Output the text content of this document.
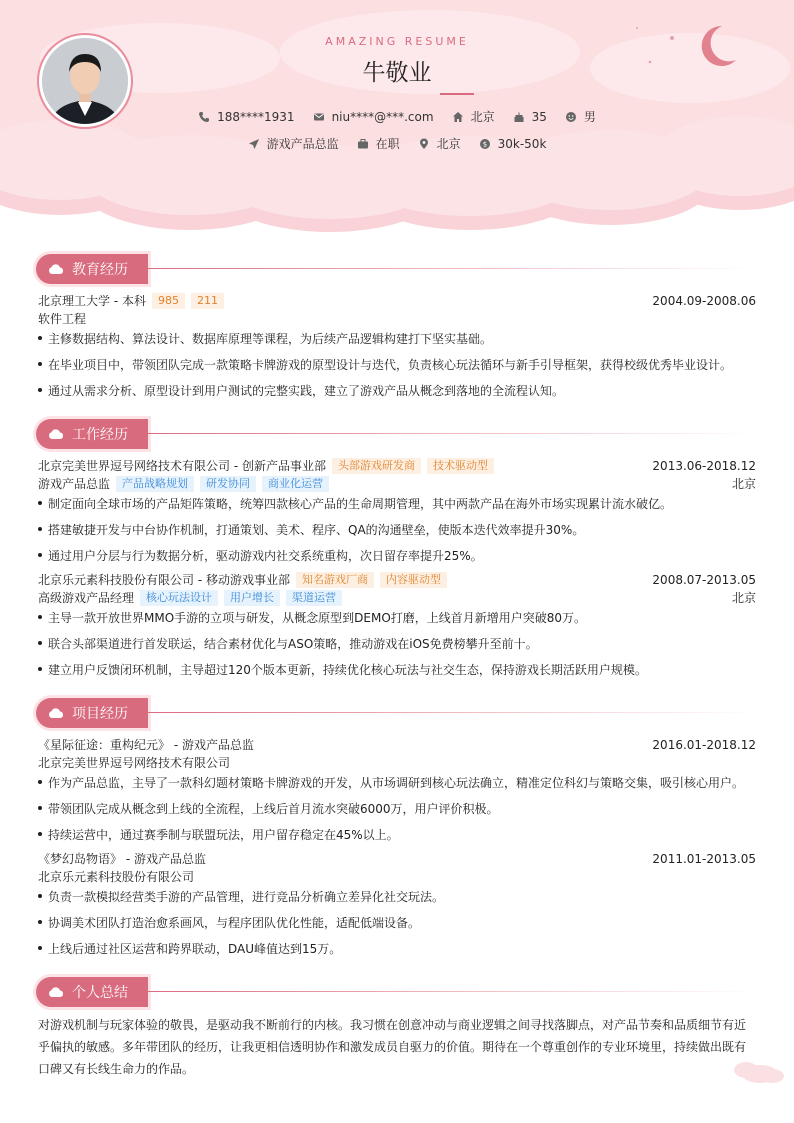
AMAZING RESUME
牛敬业
188****1931	niu****@***.com	北京	35	男
游戏产品总监	在职	北京	$ 30k-50k
教育经历
北京理工大学 - 本科	985	211	2004.09-2008.06
软件工程
主修数据结构、算法设计、数据库原理等课程，为后续产品逻辑构建打下坚实基础。
在毕业项目中，带领团队完成一款策略卡牌游戏的原型设计与迭代，负责核心玩法循环与新手引导框架，获得校级优秀毕业设计。
通过从需求分析、原型设计到用户测试的完整实践，建立了游戏产品从概念到落地的全流程认知。
工作经历
北京完美世界逗号网络技术有限公司 - 创新产品事业部	头部游戏研发商	技术驱动型	2013.06-2018.12
游戏产品总监	产品战略规划	研发协同	商业化运营	北京
制定面向全球市场的产品矩阵策略，统筹四款核心产品的生命周期管理，其中两款产品在海外市场实现累计流水破亿。
搭建敏捷开发与中台协作机制，打通策划、美术、程序、QA的沟通壁垒，使版本迭代效率提升30%。
通过用户分层与行为数据分析，驱动游戏内社交系统重构，次日留存率提升25%。
北京乐元素科技股份有限公司 - 移动游戏事业部	知名游戏厂商	内容驱动型	2008.07-2013.05
高级游戏产品经理	核心玩法设计	用户增长	渠道运营	北京
主导一款开放世界MMO手游的立项与研发，从概念原型到DEMO打磨，上线首月新增用户突破80万。
联合头部渠道进行首发联运，结合素材优化与ASO策略，推动游戏在iOS免费榜攀升至前十。
建立用户反馈闭环机制，主导超过120个版本更新，持续优化核心玩法与社交生态，保持游戏长期活跃用户规模。
项目经历
《星际征途：重构纪元》 - 游戏产品总监	2016.01-2018.12
北京完美世界逗号网络技术有限公司
作为产品总监，主导了一款科幻题材策略卡牌游戏的开发，从市场调研到核心玩法确立，精准定位科幻与策略交集，吸引核心用户。
带领团队完成从概念到上线的全流程，上线后首月流水突破6000万，用户评价积极。
持续运营中，通过赛季制与联盟玩法，用户留存稳定在45%以上。
《梦幻岛物语》 - 游戏产品总监	2011.01-2013.05
北京乐元素科技股份有限公司
负责一款模拟经营类手游的产品管理，进行竞品分析确立差异化社交玩法。
协调美术团队打造治愈系画风，与程序团队优化性能，适配低端设备。
上线后通过社区运营和跨界联动，DAU峰值达到15万。
个人总结
对游戏机制与玩家体验的敬畏，是驱动我不断前行的内核。我习惯在创意冲动与商业逻辑之间寻找落脚点，对产品节奏和品质细节有近乎偏执的敏感。多年带团队的经历，让我更相信透明协作和激发成员自驱力的价值。期待在一个尊重创作的专业环境里，持续做出既有口碑又有长线生命力的作品。
